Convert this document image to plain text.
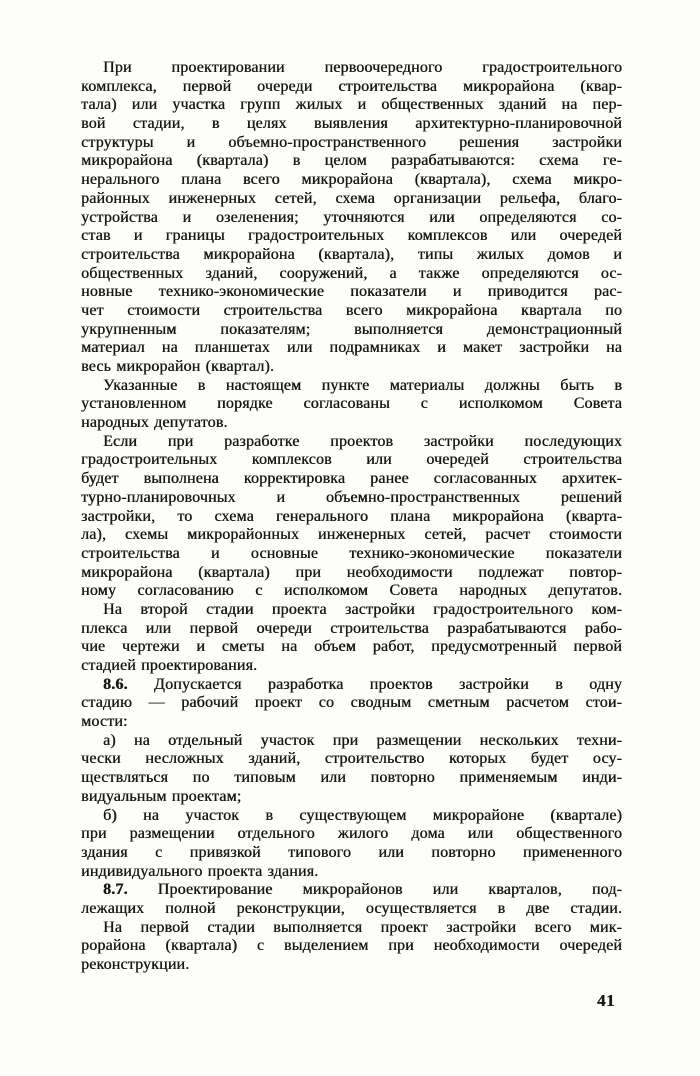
При проектировании первоочередного градостроительного
комплекса, первой очереди строительства микрорайона (квар-
тала) или участка групп жилых и общественных зданий на пер-
вой стадии, в целях выявления архитектурно-планировочной
структуры и объемно-пространственного решения застройки
микрорайона (квартала) в целом разрабатываются: схема ге-
нерального плана всего микрорайона (квартала), схема микро-
районных инженерных сетей, схема организации рельефа, благо-
устройства и озеленения; уточняются или определяются со-
став и границы градостроительных комплексов или очередей
строительства микрорайона (квартала), типы жилых домов и
общественных зданий, сооружений, а также определяются ос-
новные технико-экономические показатели и приводится рас-
чет стоимости строительства всего микрорайона квартала по
укрупненным показателям; выполняется демонстрационный
материал на планшетах или подрамниках и макет застройки на
весь микрорайон (квартал).
Указанные в настоящем пункте материалы должны быть в
установленном порядке согласованы с исполкомом Совета
народных депутатов.
Если при разработке проектов застройки последующих
градостроительных комплексов или очередей строительства
будет выполнена корректировка ранее согласованных архитек-
турно-планировочных и объемно-пространственных решений
застройки, то схема генерального плана микрорайона (кварта-
ла), схемы микрорайонных инженерных сетей, расчет стоимости
строительства и основные технико-экономические показатели
микрорайона (квартала) при необходимости подлежат повтор-
ному согласованию с исполкомом Совета народных депутатов.
На второй стадии проекта застройки градостроительного ком-
плекса или первой очереди строительства разрабатываются рабо-
чие чертежи и сметы на объем работ, предусмотренный первой
стадией проектирования.
8.6. Допускается разработка проектов застройки в одну
стадию — рабочий проект со сводным сметным расчетом стои-
мости:
а) на отдельный участок при размещении нескольких техни-
чески несложных зданий, строительство которых будет осу-
ществляться по типовым или повторно применяемым инди-
видуальным проектам;
б) на участок в существующем микрорайоне (квартале)
при размещении отдельного жилого дома или общественного
здания с привязкой типового или повторно примененного
индивидуального проекта здания.
8.7. Проектирование микрорайонов или кварталов, под-
лежащих полной реконструкции, осуществляется в две стадии.
На первой стадии выполняется проект застройки всего мик-
рорайона (квартала) с выделением при необходимости очередей
реконструкции.
41
